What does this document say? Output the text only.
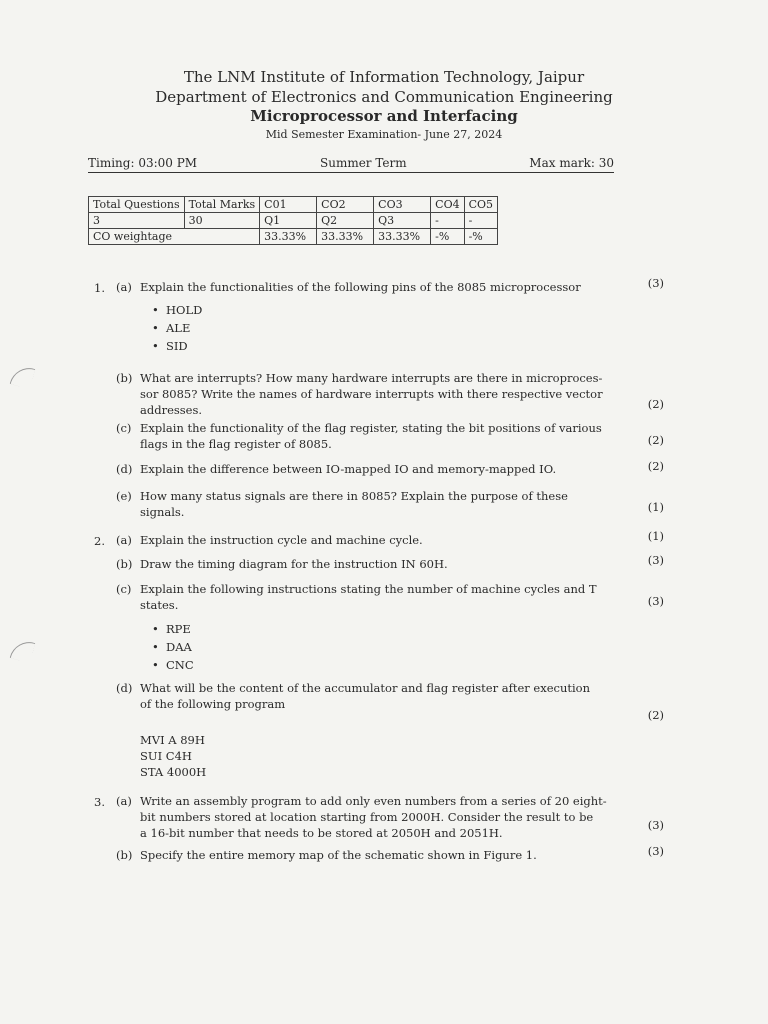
The LNM Institute of Information Technology, Jaipur
Department of Electronics and Communication Engineering
Microprocessor and Interfacing
Mid Semester Examination- June 27, 2024
Timing: 03:00 PM	Summer Term	Max mark: 30
Total Questions	Total Marks	C01	CO2	CO3	CO4	CO5
3	30	Q1	Q2	Q3	-	-
CO weightage		33.33%	33.33%	33.33%	-%	-%
1. (a) Explain the functionalities of the following pins of the 8085 microprocessor	(3)
• HOLD
• ALE
• SID
(b) What are interrupts? How many hardware interrupts are there in microproces-
sor 8085? Write the names of hardware interrupts with there respective vector
addresses.	(2)
(c) Explain the functionality of the flag register, stating the bit positions of various
flags in the flag register of 8085.	(2)
(d) Explain the difference between IO-mapped IO and memory-mapped IO.	(2)
(e) How many status signals are there in 8085? Explain the purpose of these
signals.	(1)
2. (a) Explain the instruction cycle and machine cycle.	(1)
(b) Draw the timing diagram for the instruction IN 60H.	(3)
(c) Explain the following instructions stating the number of machine cycles and T
states.	(3)
• RPE
• DAA
• CNC
(d) What will be the content of the accumulator and flag register after execution
of the following program
(2)
MVI A 89H
SUI C4H
STA 4000H
3. (a) Write an assembly program to add only even numbers from a series of 20 eight-
bit numbers stored at location starting from 2000H. Consider the result to be
a 16-bit number that needs to be stored at 2050H and 2051H.
(3)
(b) Specify the entire memory map of the schematic shown in Figure 1.	(3)
